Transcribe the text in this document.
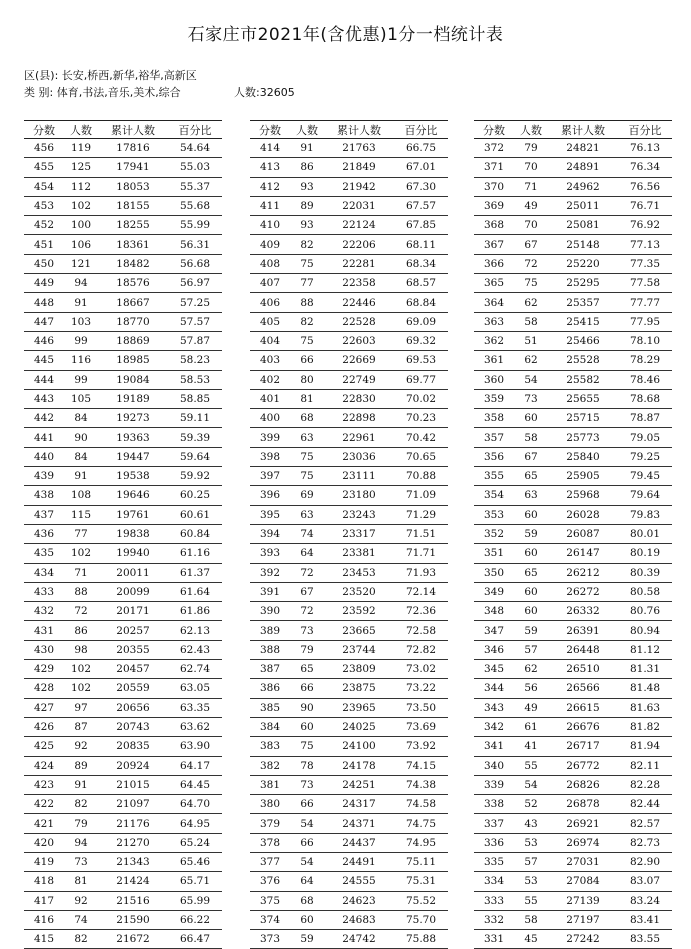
石家庄市2021年(含优惠)1分一档统计表
区(县): 长安,桥西,新华,裕华,高新区
类 别: 体育,书法,音乐,美术,综合	人数:32605
分数	人数	累计人数	百分比
456	119	17816	54.64
455	125	17941	55.03
454	112	18053	55.37
453	102	18155	55.68
452	100	18255	55.99
451	106	18361	56.31
450	121	18482	56.68
449	94	18576	56.97
448	91	18667	57.25
447	103	18770	57.57
446	99	18869	57.87
445	116	18985	58.23
444	99	19084	58.53
443	105	19189	58.85
442	84	19273	59.11
441	90	19363	59.39
440	84	19447	59.64
439	91	19538	59.92
438	108	19646	60.25
437	115	19761	60.61
436	77	19838	60.84
435	102	19940	61.16
434	71	20011	61.37
433	88	20099	61.64
432	72	20171	61.86
431	86	20257	62.13
430	98	20355	62.43
429	102	20457	62.74
428	102	20559	63.05
427	97	20656	63.35
426	87	20743	63.62
425	92	20835	63.90
424	89	20924	64.17
423	91	21015	64.45
422	82	21097	64.70
421	79	21176	64.95
420	94	21270	65.24
419	73	21343	65.46
418	81	21424	65.71
417	92	21516	65.99
416	74	21590	66.22
415	82	21672	66.47
分数	人数	累计人数	百分比
414	91	21763	66.75
413	86	21849	67.01
412	93	21942	67.30
411	89	22031	67.57
410	93	22124	67.85
409	82	22206	68.11
408	75	22281	68.34
407	77	22358	68.57
406	88	22446	68.84
405	82	22528	69.09
404	75	22603	69.32
403	66	22669	69.53
402	80	22749	69.77
401	81	22830	70.02
400	68	22898	70.23
399	63	22961	70.42
398	75	23036	70.65
397	75	23111	70.88
396	69	23180	71.09
395	63	23243	71.29
394	74	23317	71.51
393	64	23381	71.71
392	72	23453	71.93
391	67	23520	72.14
390	72	23592	72.36
389	73	23665	72.58
388	79	23744	72.82
387	65	23809	73.02
386	66	23875	73.22
385	90	23965	73.50
384	60	24025	73.69
383	75	24100	73.92
382	78	24178	74.15
381	73	24251	74.38
380	66	24317	74.58
379	54	24371	74.75
378	66	24437	74.95
377	54	24491	75.11
376	64	24555	75.31
375	68	24623	75.52
374	60	24683	75.70
373	59	24742	75.88
分数	人数	累计人数	百分比
372	79	24821	76.13
371	70	24891	76.34
370	71	24962	76.56
369	49	25011	76.71
368	70	25081	76.92
367	67	25148	77.13
366	72	25220	77.35
365	75	25295	77.58
364	62	25357	77.77
363	58	25415	77.95
362	51	25466	78.10
361	62	25528	78.29
360	54	25582	78.46
359	73	25655	78.68
358	60	25715	78.87
357	58	25773	79.05
356	67	25840	79.25
355	65	25905	79.45
354	63	25968	79.64
353	60	26028	79.83
352	59	26087	80.01
351	60	26147	80.19
350	65	26212	80.39
349	60	26272	80.58
348	60	26332	80.76
347	59	26391	80.94
346	57	26448	81.12
345	62	26510	81.31
344	56	26566	81.48
343	49	26615	81.63
342	61	26676	81.82
341	41	26717	81.94
340	55	26772	82.11
339	54	26826	82.28
338	52	26878	82.44
337	43	26921	82.57
336	53	26974	82.73
335	57	27031	82.90
334	53	27084	83.07
333	55	27139	83.24
332	58	27197	83.41
331	45	27242	83.55
